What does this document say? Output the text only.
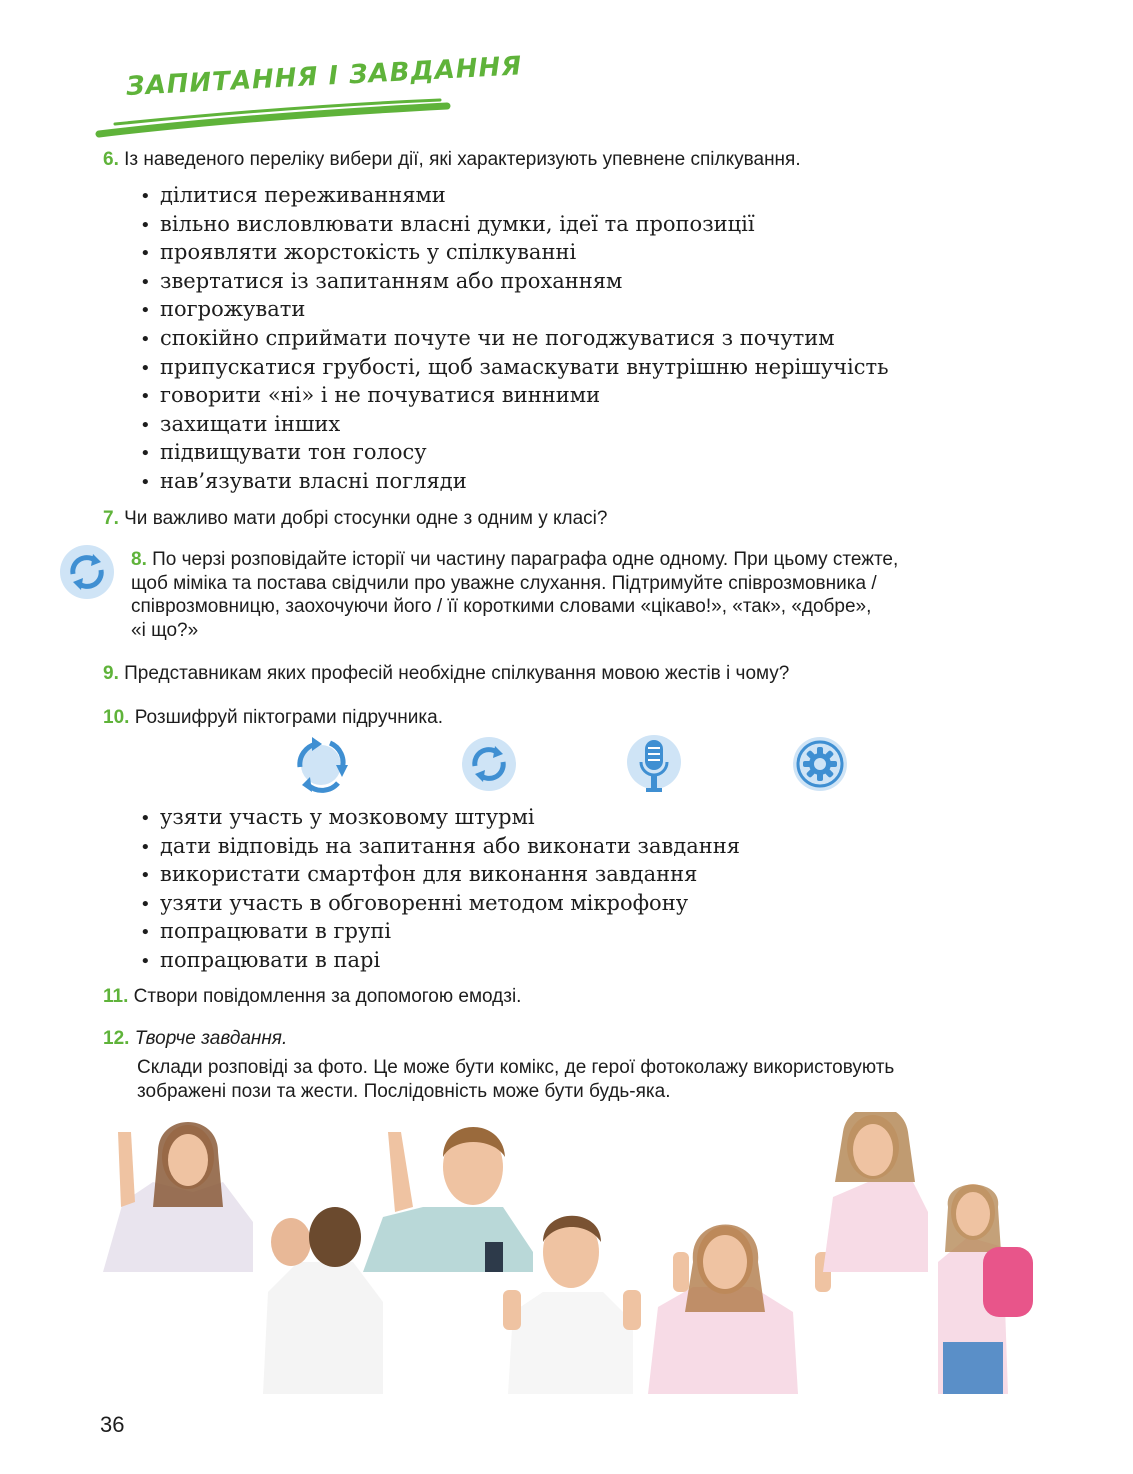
ЗАПИТАННЯ І ЗАВДАННЯ
6. Із наведеного переліку вибери дії, які характеризують упевнене спілкування.
• ділитися переживаннями
• вільно висловлювати власні думки, ідеї та пропозиції
• проявляти жорстокість у спілкуванні
• звертатися із запитанням або проханням
• погрожувати
• спокійно сприймати почуте чи не погоджуватися з почутим
• припускатися грубості, щоб замаскувати внутрішню нерішучість
• говорити «ні» і не почуватися винними
• захищати інших
• підвищувати тон голосу
• нав’язувати власні погляди
7. Чи важливо мати добрі стосунки одне з одним у класі?
8. По черзі розповідайте історії чи частину параграфа одне одному. При цьому стежте,
щоб міміка та постава свідчили про уважне слухання. Підтримуйте співрозмовника /
співрозмовницю, заохочуючи його / її короткими словами «цікаво!», «так», «добре»,
«і що?»
9. Представникам яких професій необхідне спілкування мовою жестів і чому?
10. Розшифруй піктограми підручника.
• узяти участь у мозковому штурмі
• дати відповідь на запитання або виконати завдання
• використати смартфон для виконання завдання
• узяти участь в обговоренні методом мікрофону
• попрацювати в групі
• попрацювати в парі
11. Створи повідомлення за допомогою емодзі.
12. Творче завдання.
Склади розповіді за фото. Це може бути комікс, де герої фотоколажу використовують
зображені пози та жести. Послідовність може бути будь-яка.
36
